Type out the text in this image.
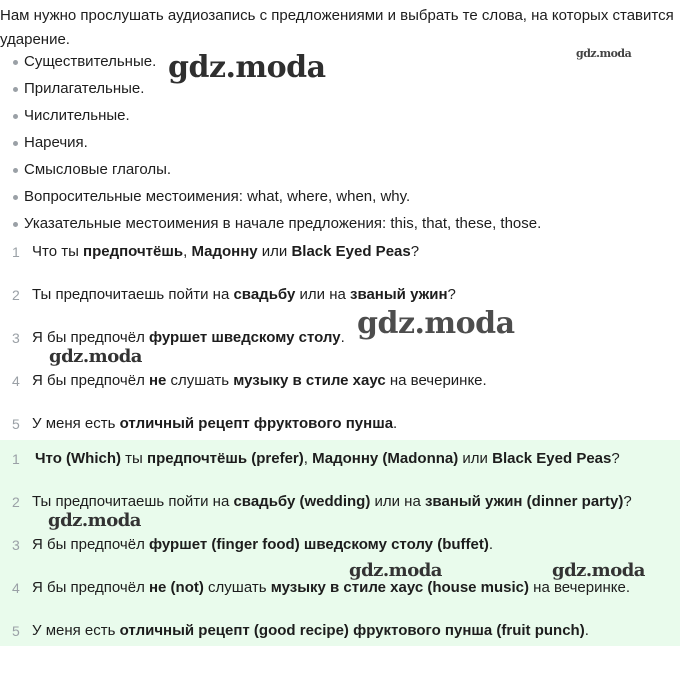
Нам нужно прослушать аудиозапись с предложениями и выбрать те слова, на которых ставится ударение.
Существительные.
Прилагательные.
Числительные.
Наречия.
Смысловые глаголы.
Вопросительные местоимения: what, where, when, why.
Указательные местоимения в начале предложения: this, that, these, those.
1 Что ты предпочтёшь, Мадонну или Black Eyed Peas?
2 Ты предпочитаешь пойти на свадьбу или на званый ужин?
3 Я бы предпочёл фуршет шведскому столу.
4 Я бы предпочёл не слушать музыку в стиле хаус на вечеринке.
5 У меня есть отличный рецепт фруктового пунша.
1 Что (Which) ты предпочтёшь (prefer), Мадонну (Madonna) или Black Eyed Peas?
2 Ты предпочитаешь пойти на свадьбу (wedding) или на званый ужин (dinner party)?
3 Я бы предпочёл фуршет (finger food) шведскому столу (buffet).
4 Я бы предпочёл не (not) слушать музыку в стиле хаус (house music) на вечеринке.
5 У меня есть отличный рецепт (good recipe) фруктового пунша (fruit punch).
gdz.moda
gdz.moda
gdz.moda
gdz.moda
gdz.moda
gdz.moda	gdz.moda
